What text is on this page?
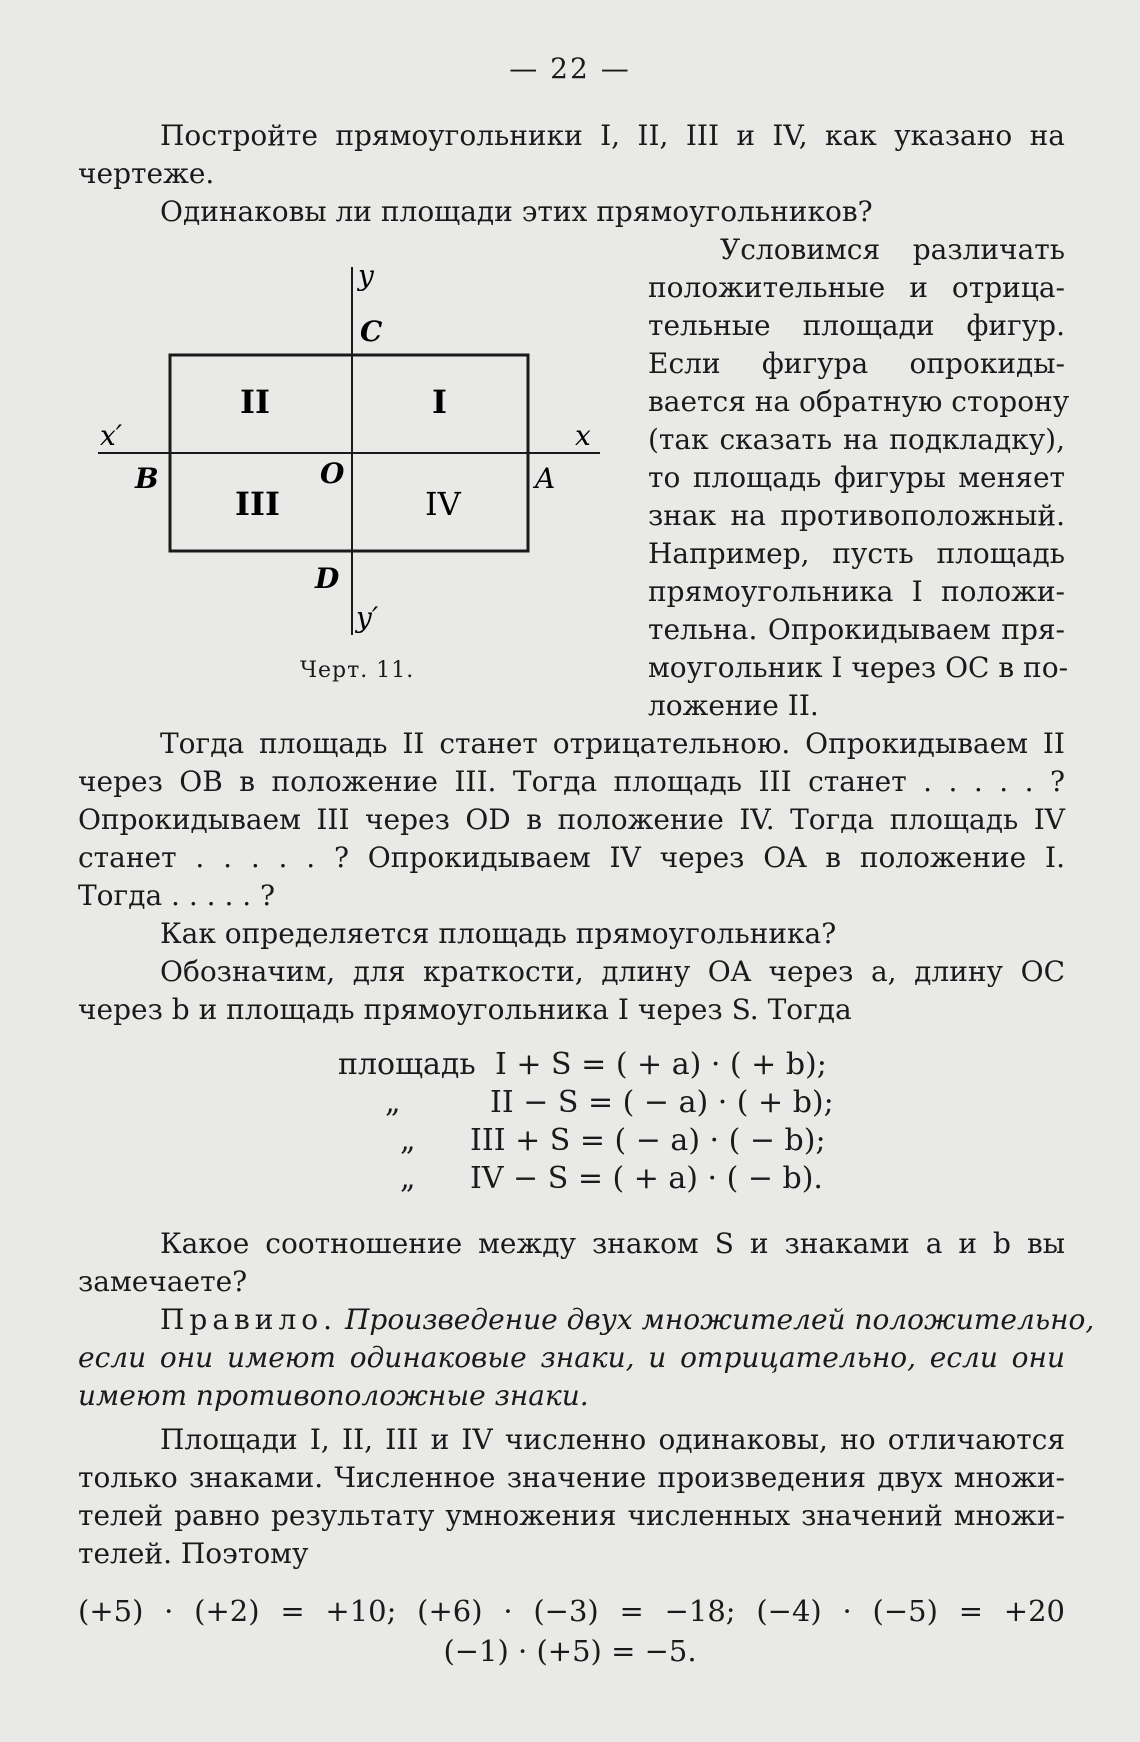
— 22 —
Постройте прямоугольники I, II, III и IV, как указано на
чертеже.
Одинаковы ли площади этих прямоугольников?
y
C
x′	x
B	O	A
II	I
III	IV
D
y′
Черт. 11.
Условимся различать
положительные и отрица-
тельные площади фигур.
Если фигура опрокиды-
вается на обратную сторону
(так сказать на подкладку),
то площадь фигуры меняет
знак на противоположный.
Например, пусть площадь
прямоугольника I положи-
тельна. Опрокидываем пря-
моугольник I через OC в по-
ложение II.
Тогда площадь II станет отрицательною. Опрокидываем II
через OB в положение III. Тогда площадь III станет . . . . . ?
Опрокидываем III через OD в положение IV. Тогда площадь IV
станет . . . . . ? Опрокидываем IV через OA в положение I.
Тогда . . . . . ?
Как определяется площадь прямоугольника?
Обозначим, для краткости, длину OA через a, длину OC
через b и площадь прямоугольника I через S. Тогда
площадь I + S = ( + a) · ( + b);
„	II − S = ( − a) · ( + b);
„ III + S = ( − a) · ( − b);
„ IV − S = ( + a) · ( − b).
Какое соотношение между знаком S и знаками a и b вы
замечаете?
Правило. Произведение двух множителей положительно,
если они имеют одинаковые знаки, и отрицательно, если они
имеют противоположные знаки.
Площади I, II, III и IV численно одинаковы, но отличаются
только знаками. Численное значение произведения двух множи-
телей равно результату умножения численных значений множи-
телей. Поэтому
(+5) · (+2) = +10; (+6) · (−3) = −18; (−4) · (−5) = +20
(−1) · (+5) = −5.
